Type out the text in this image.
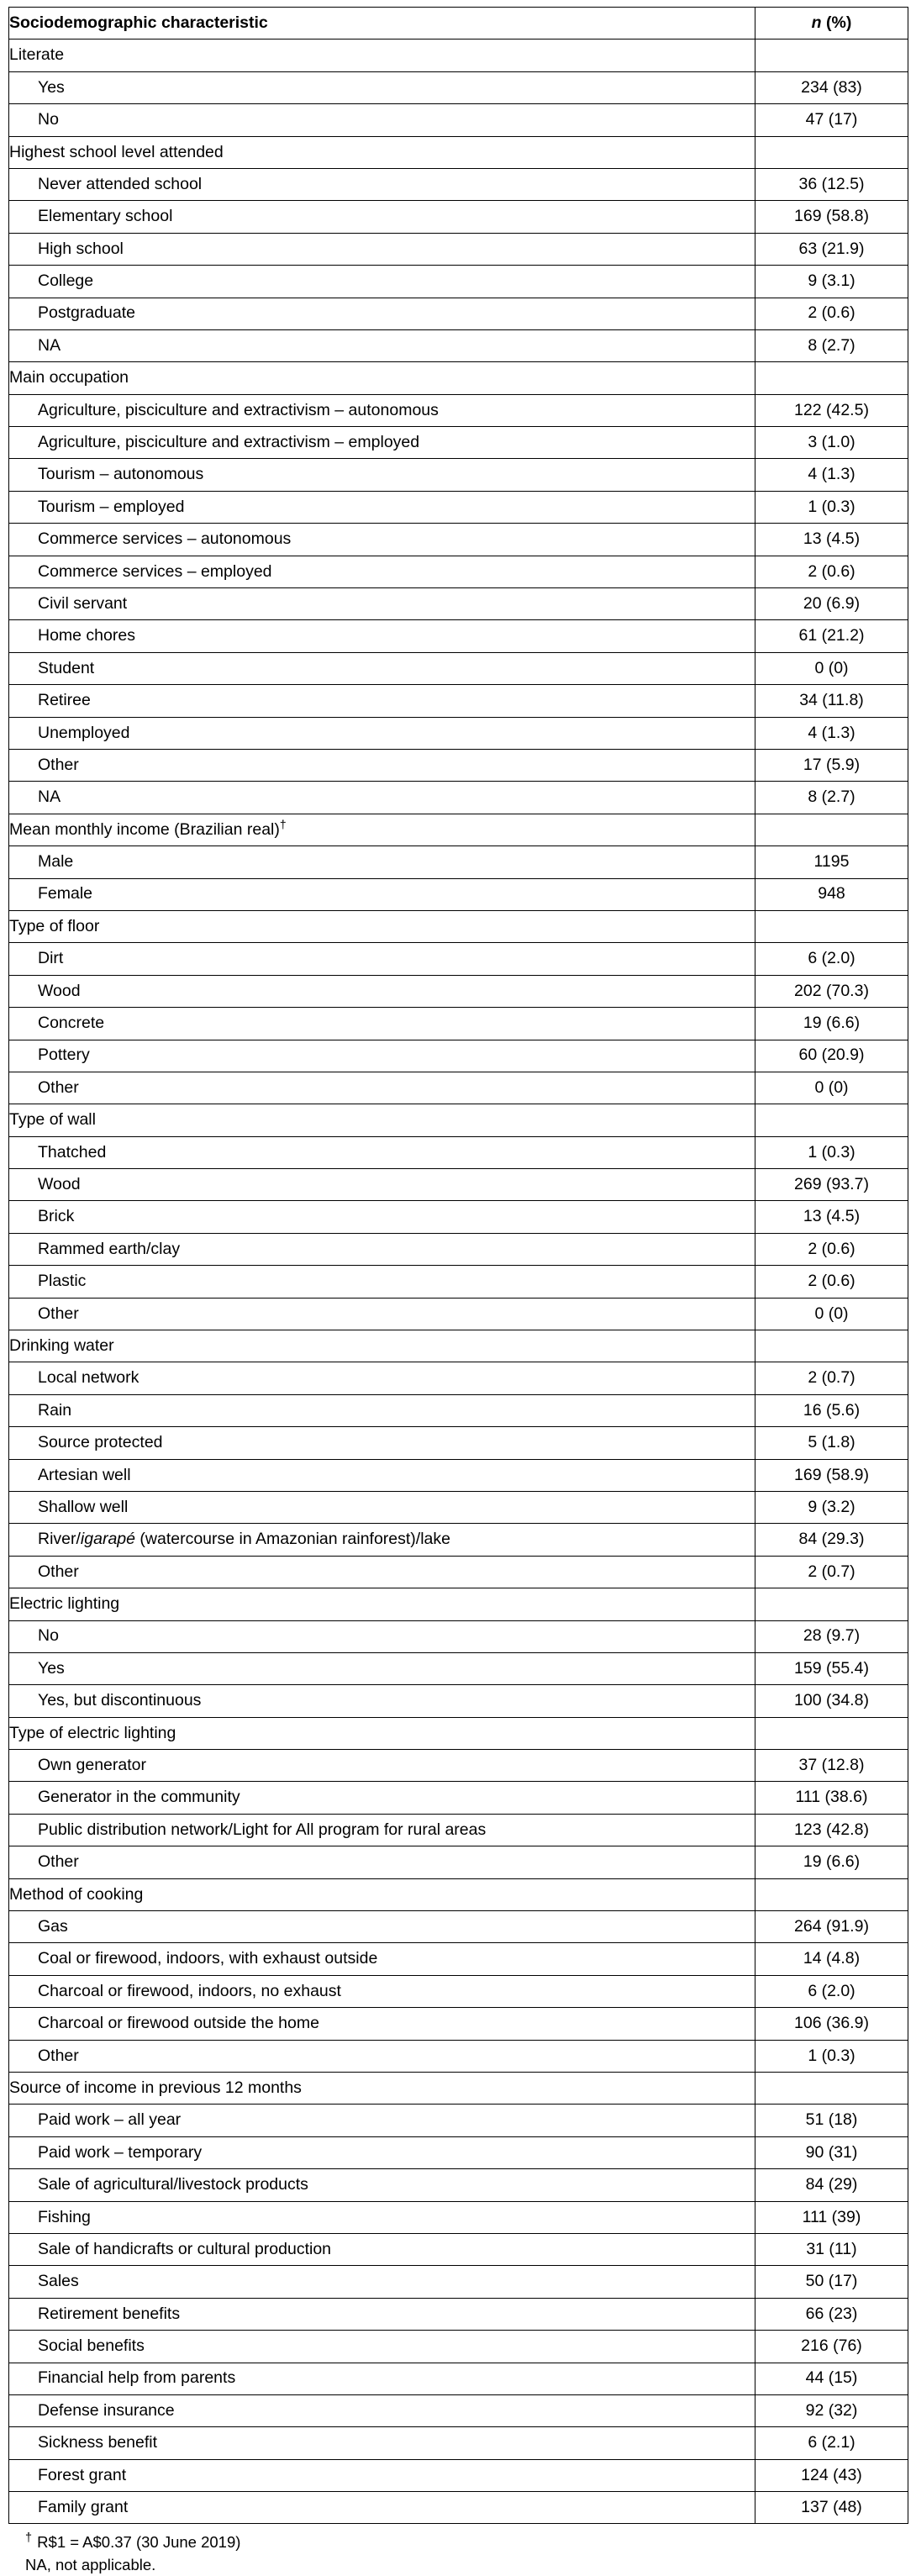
Sociodemographic characteristic	n (%)
Literate	
Yes	234 (83)
No	47 (17)
Highest school level attended	
Never attended school	36 (12.5)
Elementary school	169 (58.8)
High school	63 (21.9)
College	9 (3.1)
Postgraduate	2 (0.6)
NA	8 (2.7)
Main occupation	
Agriculture, pisciculture and extractivism – autonomous	122 (42.5)
Agriculture, pisciculture and extractivism – employed	3 (1.0)
Tourism – autonomous	4 (1.3)
Tourism – employed	1 (0.3)
Commerce services – autonomous	13 (4.5)
Commerce services – employed	2 (0.6)
Civil servant	20 (6.9)
Home chores	61 (21.2)
Student	0 (0)
Retiree	34 (11.8)
Unemployed	4 (1.3)
Other	17 (5.9)
NA	8 (2.7)
Mean monthly income (Brazilian real)†	
Male	1195
Female	948
Type of floor	
Dirt	6 (2.0)
Wood	202 (70.3)
Concrete	19 (6.6)
Pottery	60 (20.9)
Other	0 (0)
Type of wall	
Thatched	1 (0.3)
Wood	269 (93.7)
Brick	13 (4.5)
Rammed earth/clay	2 (0.6)
Plastic	2 (0.6)
Other	0 (0)
Drinking water	
Local network	2 (0.7)
Rain	16 (5.6)
Source protected	5 (1.8)
Artesian well	169 (58.9)
Shallow well	9 (3.2)
River/igarapé (watercourse in Amazonian rainforest)/lake	84 (29.3)
Other	2 (0.7)
Electric lighting	
No	28 (9.7)
Yes	159 (55.4)
Yes, but discontinuous	100 (34.8)
Type of electric lighting	
Own generator	37 (12.8)
Generator in the community	111 (38.6)
Public distribution network/Light for All program for rural areas	123 (42.8)
Other	19 (6.6)
Method of cooking	
Gas	264 (91.9)
Coal or firewood, indoors, with exhaust outside	14 (4.8)
Charcoal or firewood, indoors, no exhaust	6 (2.0)
Charcoal or firewood outside the home	106 (36.9)
Other	1 (0.3)
Source of income in previous 12 months	
Paid work – all year	51 (18)
Paid work – temporary	90 (31)
Sale of agricultural/livestock products	84 (29)
Fishing	111 (39)
Sale of handicrafts or cultural production	31 (11)
Sales	50 (17)
Retirement benefits	66 (23)
Social benefits	216 (76)
Financial help from parents	44 (15)
Defense insurance	92 (32)
Sickness benefit	6 (2.1)
Forest grant	124 (43)
Family grant	137 (48)
† R$1 = A$0.37 (30 June 2019)
NA, not applicable.
